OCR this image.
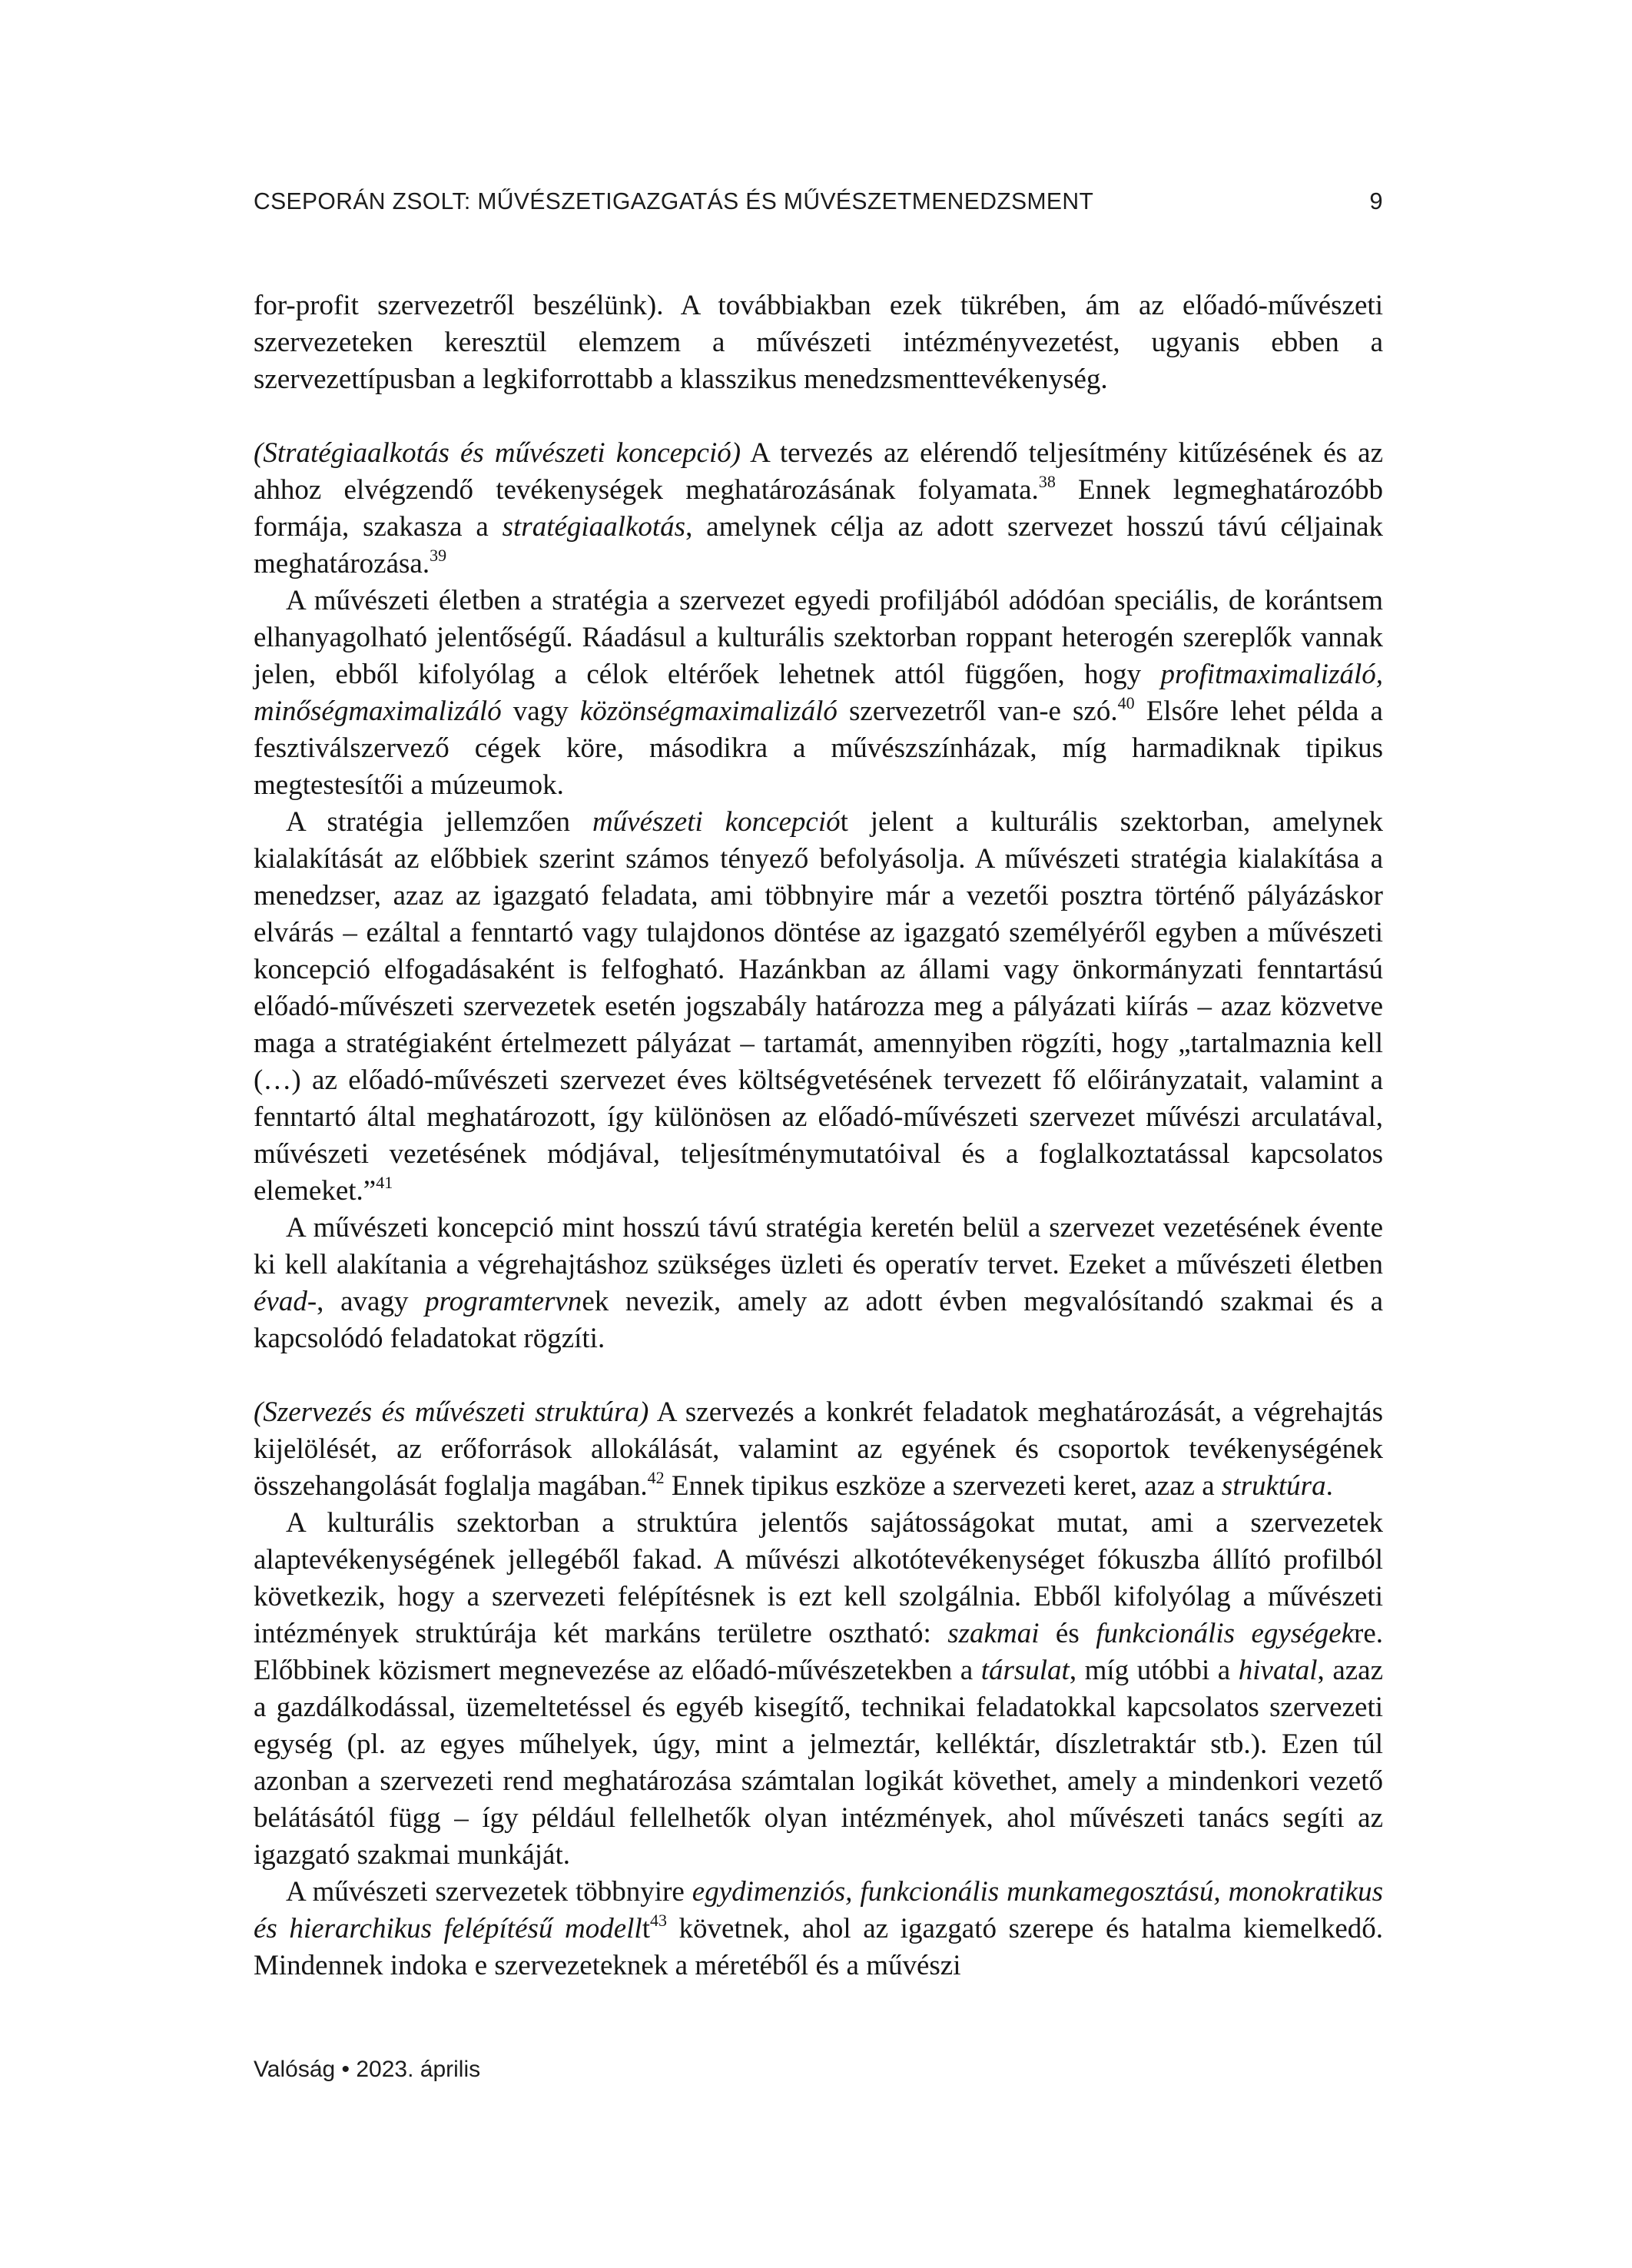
CSEPORÁN ZSOLT: MŰVÉSZETIGAZGATÁS ÉS MŰVÉSZETMENEDZSMENT	9

for-profit szervezetről beszélünk). A továbbiakban ezek tükrében, ám az előadó-művészeti szervezeteken keresztül elemzem a művészeti intézményvezetést, ugyanis ebben a szervezettípusban a legkiforrottabb a klasszikus menedzsmenttevékenység.

(Stratégiaalkotás és művészeti koncepció) A tervezés az elérendő teljesítmény kitűzésének és az ahhoz elvégzendő tevékenységek meghatározásának folyamata.$^{38}$ Ennek legmeghatározóbb formája, szakasza a stratégiaalkotás, amelynek célja az adott szervezet hosszú távú céljainak meghatározása.$^{39}$

A művészeti életben a stratégia a szervezet egyedi profiljából adódóan speciális, de korántsem elhanyagolható jelentőségű. Ráadásul a kulturális szektorban roppant heterogén szereplők vannak jelen, ebből kifolyólag a célok eltérőek lehetnek attól függően, hogy profitmaximalizáló, minőségmaximalizáló vagy közönségmaximalizáló szervezetről van-e szó.$^{40}$ Elsőre lehet példa a fesztiválszervező cégek köre, másodikra a művészszínházak, míg harmadiknak tipikus megtestesítői a múzeumok.

A stratégia jellemzően művészeti koncepciót jelent a kulturális szektorban, amelynek kialakítását az előbbiek szerint számos tényező befolyásolja. A művészeti stratégia kialakítása a menedzser, azaz az igazgató feladata, ami többnyire már a vezetői posztra történő pályázáskor elvárás – ezáltal a fenntartó vagy tulajdonos döntése az igazgató személyéről egyben a művészeti koncepció elfogadásaként is felfogható. Hazánkban az állami vagy önkormányzati fenntartású előadó-művészeti szervezetek esetén jogszabály határozza meg a pályázati kiírás – azaz közvetve maga a stratégiaként értelmezett pályázat – tartamát, amennyiben rögzíti, hogy „tartalmaznia kell (…) az előadó-művészeti szervezet éves költségvetésének tervezett fő előirányzatait, valamint a fenntartó által meghatározott, így különösen az előadó-művészeti szervezet művészi arculatával, művészeti vezetésének módjával, teljesítménymutatóival és a foglalkoztatással kapcsolatos elemeket.”$^{41}$

A művészeti koncepció mint hosszú távú stratégia keretén belül a szervezet vezetésének évente ki kell alakítania a végrehajtáshoz szükséges üzleti és operatív tervet. Ezeket a művészeti életben évad-, avagy programtervnek nevezik, amely az adott évben megvalósítandó szakmai és a kapcsolódó feladatokat rögzíti.

(Szervezés és művészeti struktúra) A szervezés a konkrét feladatok meghatározását, a végrehajtás kijelölését, az erőforrások allokálását, valamint az egyének és csoportok tevékenységének összehangolását foglalja magában.$^{42}$ Ennek tipikus eszköze a szervezeti keret, azaz a struktúra.

A kulturális szektorban a struktúra jelentős sajátosságokat mutat, ami a szervezetek alaptevékenységének jellegéből fakad. A művészi alkotótevékenységet fókuszba állító profilból következik, hogy a szervezeti felépítésnek is ezt kell szolgálnia. Ebből kifolyólag a művészeti intézmények struktúrája két markáns területre osztható: szakmai és funkcionális egységekre. Előbbinek közismert megnevezése az előadó-művészetekben a társulat, míg utóbbi a hivatal, azaz a gazdálkodással, üzemeltetéssel és egyéb kisegítő, technikai feladatokkal kapcsolatos szervezeti egység (pl. az egyes műhelyek, úgy, mint a jelmeztár, kelléktár, díszletraktár stb.). Ezen túl azonban a szervezeti rend meghatározása számtalan logikát követhet, amely a mindenkori vezető belátásától függ – így például fellelhetők olyan intézmények, ahol művészeti tanács segíti az igazgató szakmai munkáját.

A művészeti szervezetek többnyire egydimenziós, funkcionális munkamegosztású, monokratikus és hierarchikus felépítésű modellt$^{43}$ követnek, ahol az igazgató szerepe és hatalma kiemelkedő. Mindennek indoka e szervezeteknek a méretéből és a művészi

Valóság • 2023. április
